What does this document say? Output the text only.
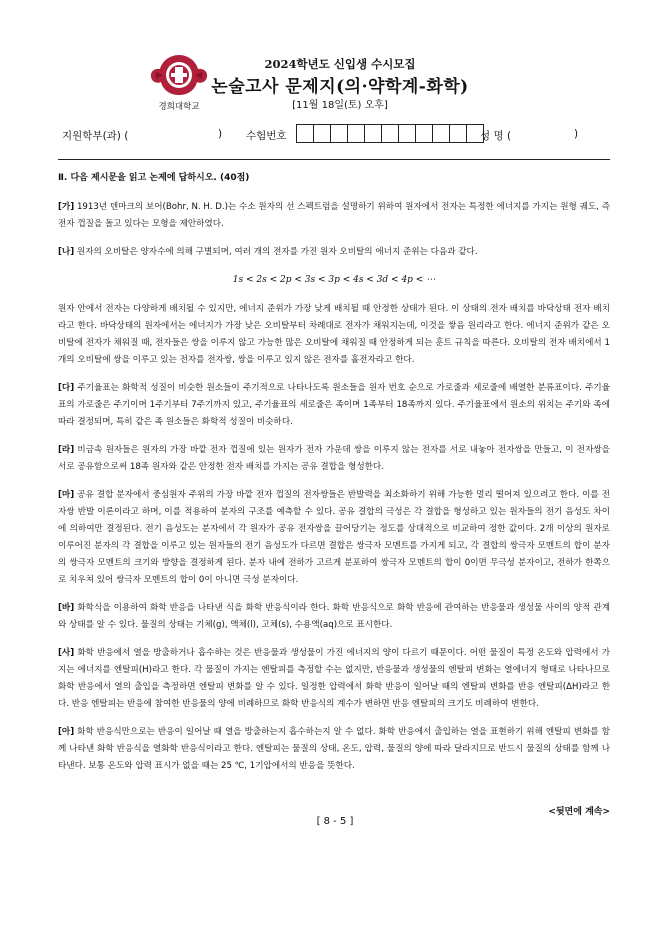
경희대학교
2024학년도 신입생 수시모집
논술고사 문제지(의·약학계-화학)
[11월 18일(토) 오후]
지원학부(과) (	) 수험번호	성 명 (	)

Ⅱ. 다음 제시문을 읽고 논제에 답하시오. (40점)

[가] 1913년 덴마크의 보어(Bohr, N. H. D.)는 수소 원자의 선 스펙트럼을 설명하기 위하여 원자에서 전자는 특정한 에너지를 가지는 원형 궤도, 즉 전자 껍질을 돌고 있다는 모형을 제안하였다.

[나] 원자의 오비탈은 양자수에 의해 구별되며, 여러 개의 전자를 가진 원자 오비탈의 에너지 준위는 다음과 같다.

1s < 2s < 2p < 3s < 3p < 4s < 3d < 4p < ⋯

원자 안에서 전자는 다양하게 배치될 수 있지만, 에너지 준위가 가장 낮게 배치될 때 안정한 상태가 된다. 이 상태의 전자 배치를 바닥상태 전자 배치라고 한다. 바닥상태의 원자에서는 에너지가 가장 낮은 오비탈부터 차례대로 전자가 채워지는데, 이것을 쌓음 원리라고 한다. 에너지 준위가 같은 오비탈에 전자가 채워질 때, 전자들은 쌍을 이루지 않고 가능한 많은 오비탈에 채워질 때 안정하게 되는 훈트 규칙을 따른다. 오비탈의 전자 배치에서 1개의 오비탈에 쌍을 이루고 있는 전자를 전자쌍, 쌍을 이루고 있지 않은 전자를 홀전자라고 한다.

[다] 주기율표는 화학적 성질이 비슷한 원소들이 주기적으로 나타나도록 원소들을 원자 번호 순으로 가로줄과 세로줄에 배열한 분류표이다. 주기율표의 가로줄은 주기이며 1주기부터 7주기까지 있고, 주기율표의 세로줄은 족이며 1족부터 18족까지 있다. 주기율표에서 원소의 위치는 주기와 족에 따라 결정되며, 특히 같은 족 원소들은 화학적 성질이 비슷하다.

[라] 비금속 원자들은 원자의 가장 바깥 전자 껍질에 있는 원자가 전자 가운데 쌍을 이루지 않는 전자를 서로 내놓아 전자쌍을 만들고, 이 전자쌍을 서로 공유함으로써 18족 원자와 같은 안정한 전자 배치를 가지는 공유 결합을 형성한다.

[마] 공유 결합 분자에서 중심원자 주위의 가장 바깥 전자 껍질의 전자쌍들은 반발력을 최소화하기 위해 가능한 멀리 떨어져 있으려고 한다. 이를 전자쌍 반발 이론이라고 하며, 이를 적용하여 분자의 구조를 예측할 수 있다. 공유 결합의 극성은 각 결합을 형성하고 있는 원자들의 전기 음성도 차이에 의하여만 결정된다. 전기 음성도는 분자에서 각 원자가 공유 전자쌍을 끌어당기는 정도를 상대적으로 비교하여 정한 값이다. 2개 이상의 원자로 이루어진 분자의 각 결합을 이루고 있는 원자들의 전기 음성도가 다르면 결합은 쌍극자 모멘트를 가지게 되고, 각 결합의 쌍극자 모멘트의 합이 분자의 쌍극자 모멘트의 크기와 방향을 결정하게 된다. 분자 내에 전하가 고르게 분포하여 쌍극자 모멘트의 합이 0이면 무극성 분자이고, 전하가 한쪽으로 치우쳐 있어 쌍극자 모멘트의 합이 0이 아니면 극성 분자이다.

[바] 화학식을 이용하여 화학 반응을 나타낸 식을 화학 반응식이라 한다. 화학 반응식으로 화학 반응에 관여하는 반응물과 생성물 사이의 양적 관계와 상태를 알 수 있다. 물질의 상태는 기체(g), 액체(l), 고체(s), 수용액(aq)으로 표시한다.

[사] 화학 반응에서 열을 방출하거나 흡수하는 것은 반응물과 생성물이 가진 에너지의 양이 다르기 때문이다. 어떤 물질이 특정 온도와 압력에서 가지는 에너지를 엔탈피(H)라고 한다. 각 물질이 가지는 엔탈피를 측정할 수는 없지만, 반응물과 생성물의 엔탈피 변화는 열에너지 형태로 나타나므로 화학 반응에서 열의 출입을 측정하면 엔탈피 변화를 알 수 있다. 일정한 압력에서 화학 반응이 일어날 때의 엔탈피 변화를 반응 엔탈피(ΔH)라고 한다. 반응 엔탈피는 반응에 참여한 반응물의 양에 비례하므로 화학 반응식의 계수가 변하면 반응 엔탈피의 크기도 비례하여 변한다.

[아] 화학 반응식만으로는 반응이 일어날 때 열을 방출하는지 흡수하는지 알 수 없다. 화학 반응에서 출입하는 열을 표현하기 위해 엔탈피 변화를 함께 나타낸 화학 반응식을 열화학 반응식이라고 한다. 엔탈피는 물질의 상태, 온도, 압력, 물질의 양에 따라 달라지므로 반드시 물질의 상태를 함께 나타낸다. 보통 온도와 압력 표시가 없을 때는 25 ℃, 1기압에서의 반응을 뜻한다.

<뒷면에 계속>
[ 8 - 5 ]
